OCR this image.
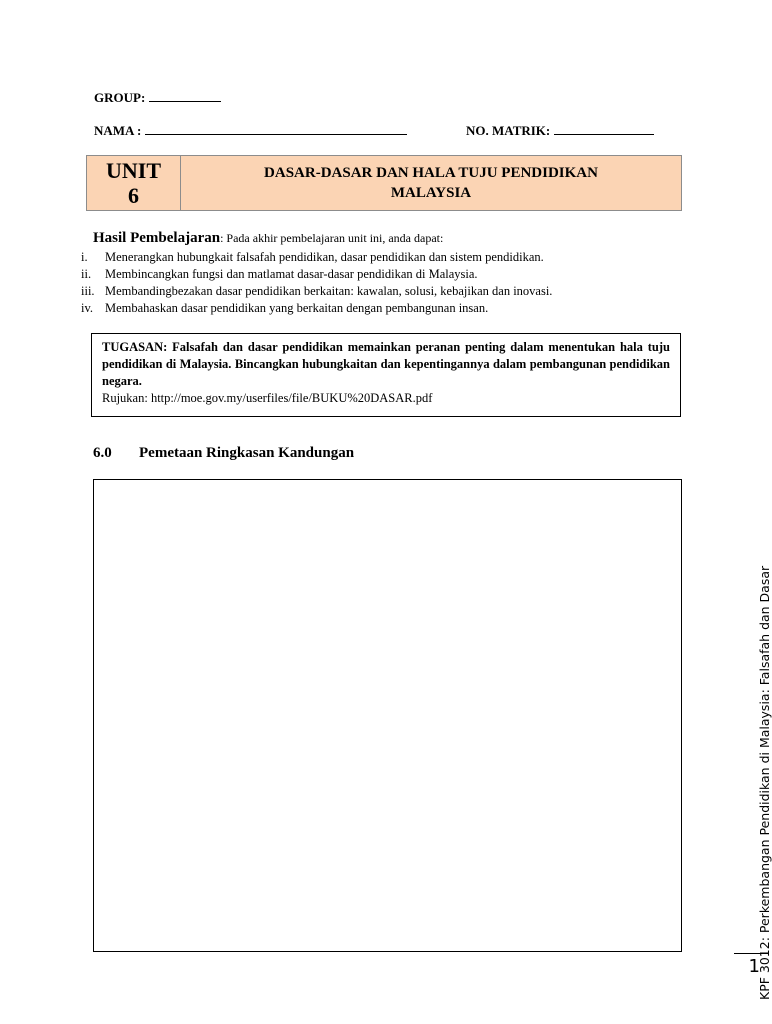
GROUP:
NAMA :	NO. MATRIK:
UNIT
6
DASAR-DASAR DAN HALA TUJU PENDIDIKAN
MALAYSIA
Hasil Pembelajaran: Pada akhir pembelajaran unit ini, anda dapat:
i. Menerangkan hubungkait falsafah pendidikan, dasar pendidikan dan sistem pendidikan.
ii. Membincangkan fungsi dan matlamat dasar-dasar pendidikan di Malaysia.
iii. Membandingbezakan dasar pendidikan berkaitan: kawalan, solusi, kebajikan dan inovasi.
iv. Membahaskan dasar pendidikan yang berkaitan dengan pembangunan insan.
TUGASAN: Falsafah dan dasar pendidikan memainkan peranan penting dalam menentukan hala tuju pendidikan di Malaysia. Bincangkan hubungkaitan dan kepentingannya dalam pembangunan pendidikan negara.
Rujukan: http://moe.gov.my/userfiles/file/BUKU%20DASAR.pdf
6.0 Pemetaan Ringkasan Kandungan
KPF 3012: Perkembangan Pendidikan di Malaysia: Falsafah dan Dasar
1
